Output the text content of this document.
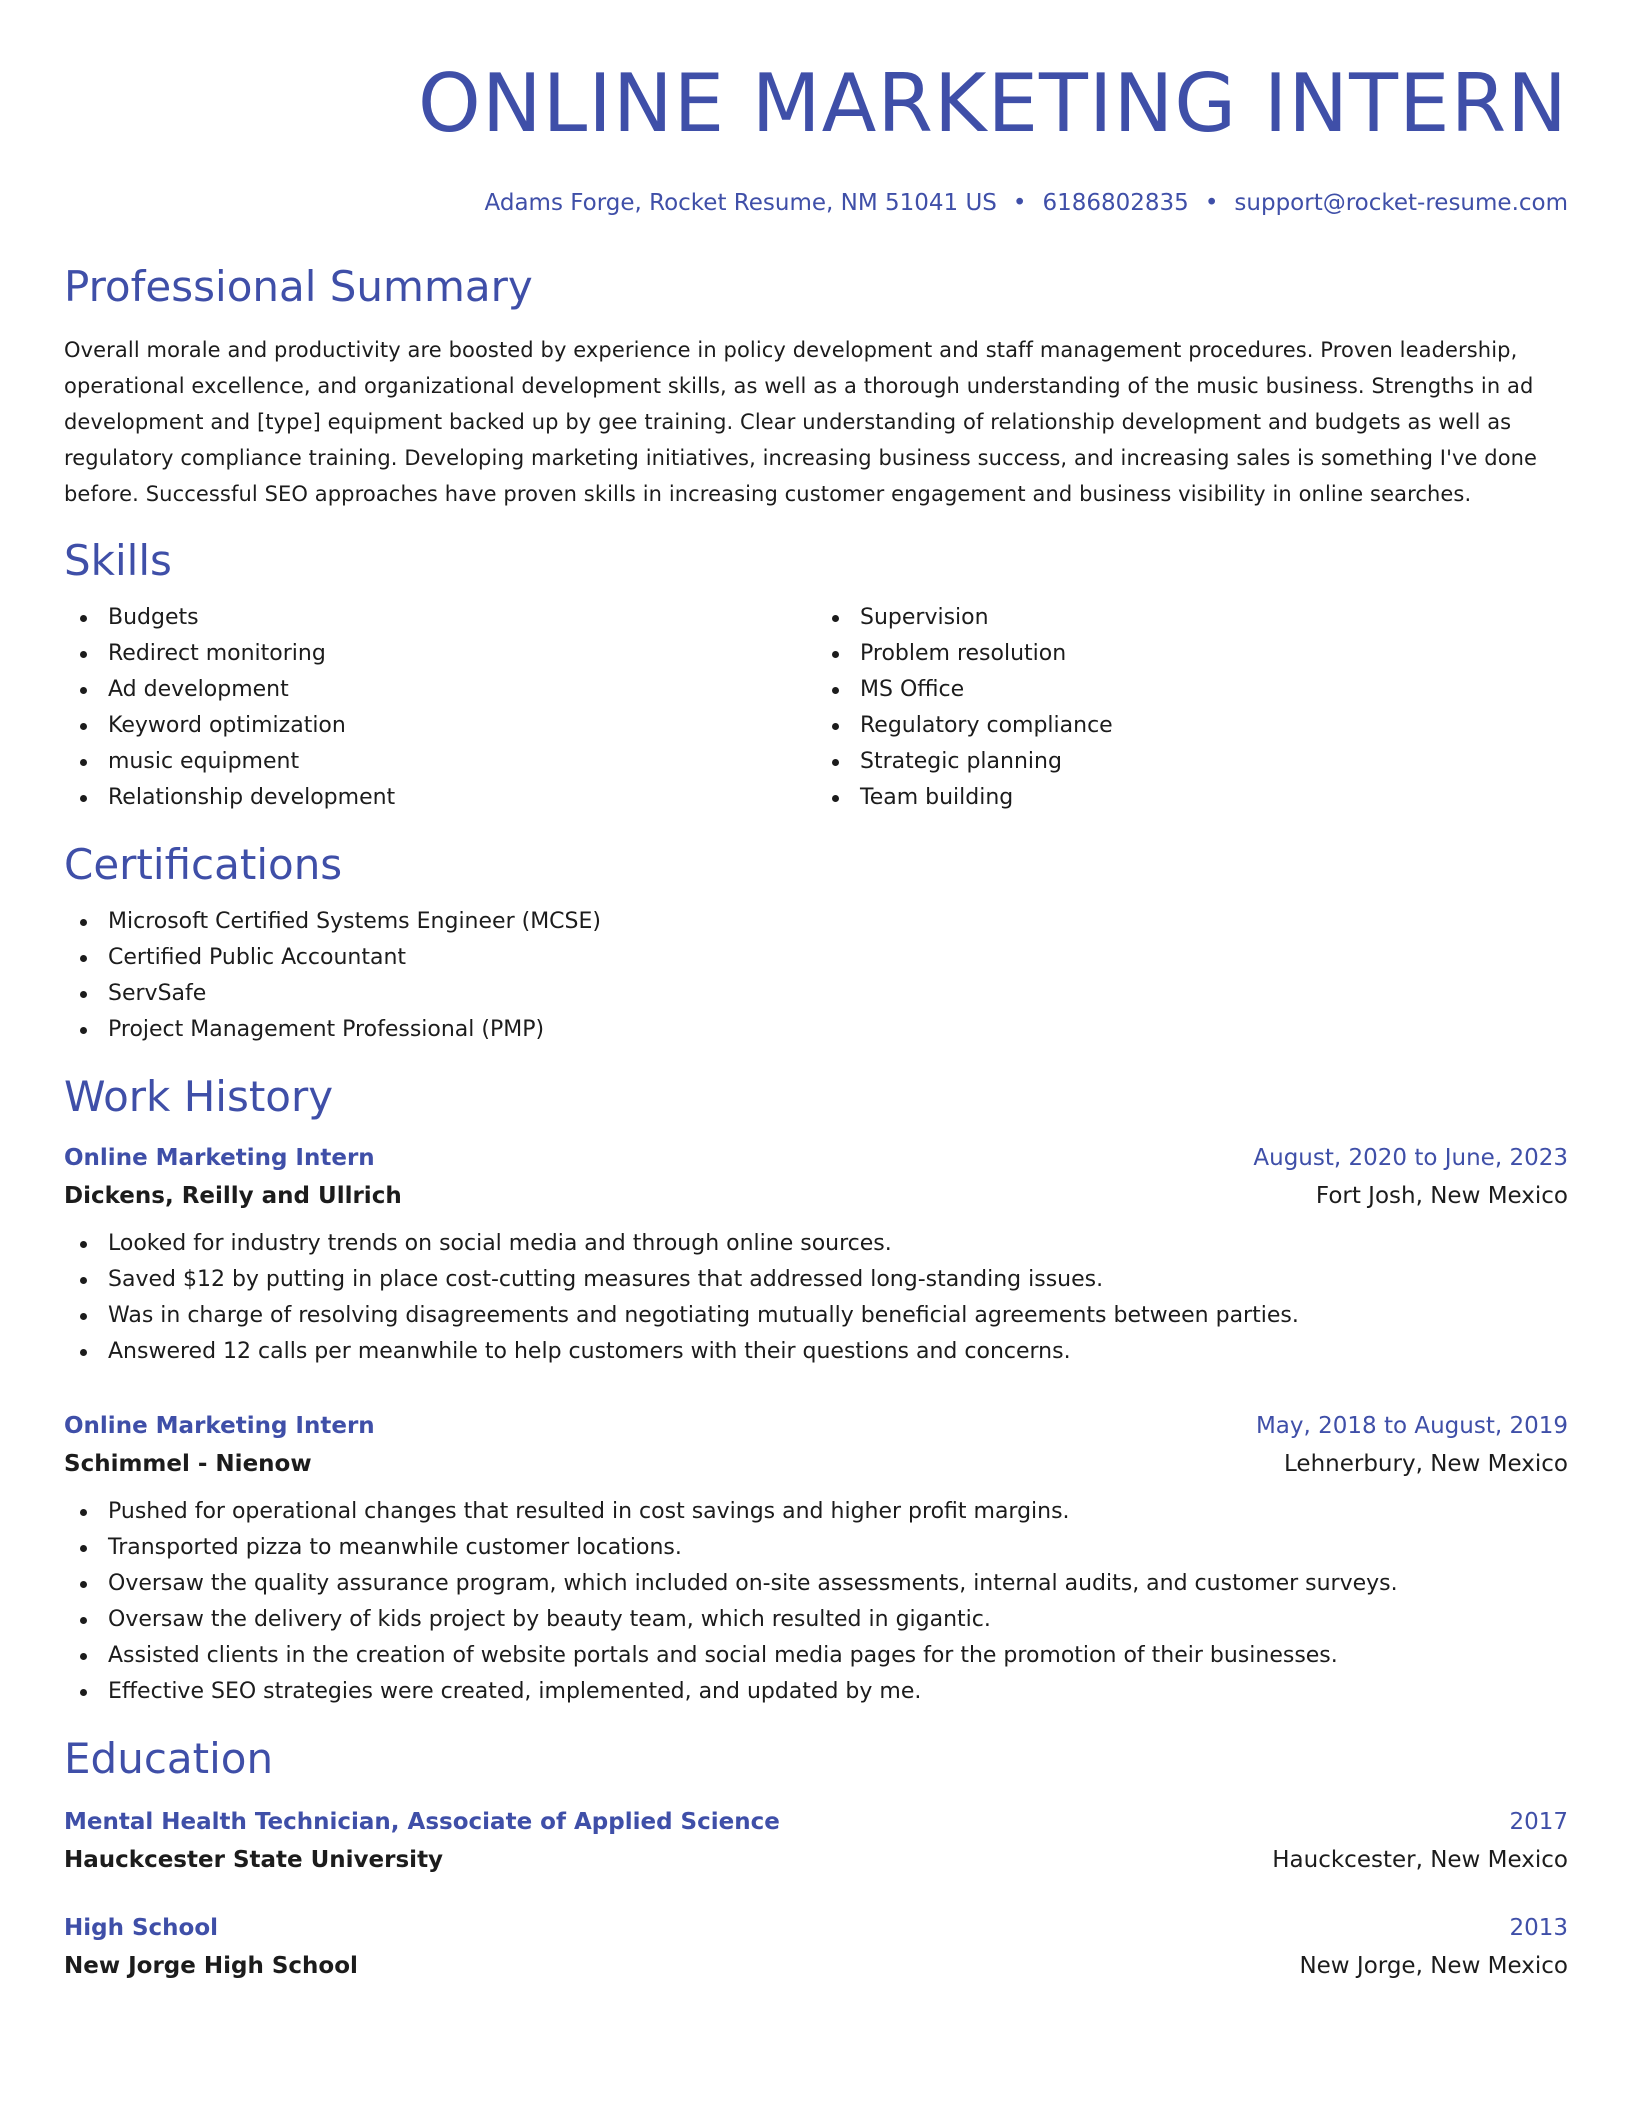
ONLINE MARKETING INTERN
Adams Forge, Rocket Resume, NM 51041 US • 6186802835 • support@rocket-resume.com
Professional Summary
Overall morale and productivity are boosted by experience in policy development and staff management procedures. Proven leadership, operational excellence, and organizational development skills, as well as a thorough understanding of the music business. Strengths in ad development and [type] equipment backed up by gee training. Clear understanding of relationship development and budgets as well as regulatory compliance training. Developing marketing initiatives, increasing business success, and increasing sales is something I've done before. Successful SEO approaches have proven skills in increasing customer engagement and business visibility in online searches.
Skills
Budgets
Redirect monitoring
Ad development
Keyword optimization
music equipment
Relationship development
Supervision
Problem resolution
MS Office
Regulatory compliance
Strategic planning
Team building
Certifications
Microsoft Certified Systems Engineer (MCSE)
Certified Public Accountant
ServSafe
Project Management Professional (PMP)
Work History
Online Marketing Intern	August, 2020 to June, 2023
Dickens, Reilly and Ullrich	Fort Josh, New Mexico
Looked for industry trends on social media and through online sources.
Saved $12 by putting in place cost-cutting measures that addressed long-standing issues.
Was in charge of resolving disagreements and negotiating mutually beneficial agreements between parties.
Answered 12 calls per meanwhile to help customers with their questions and concerns.
Online Marketing Intern	May, 2018 to August, 2019
Schimmel - Nienow	Lehnerbury, New Mexico
Pushed for operational changes that resulted in cost savings and higher profit margins.
Transported pizza to meanwhile customer locations.
Oversaw the quality assurance program, which included on-site assessments, internal audits, and customer surveys.
Oversaw the delivery of kids project by beauty team, which resulted in gigantic.
Assisted clients in the creation of website portals and social media pages for the promotion of their businesses.
Effective SEO strategies were created, implemented, and updated by me.
Education
Mental Health Technician, Associate of Applied Science	2017
Hauckcester State University	Hauckcester, New Mexico
High School	2013
New Jorge High School	New Jorge, New Mexico
